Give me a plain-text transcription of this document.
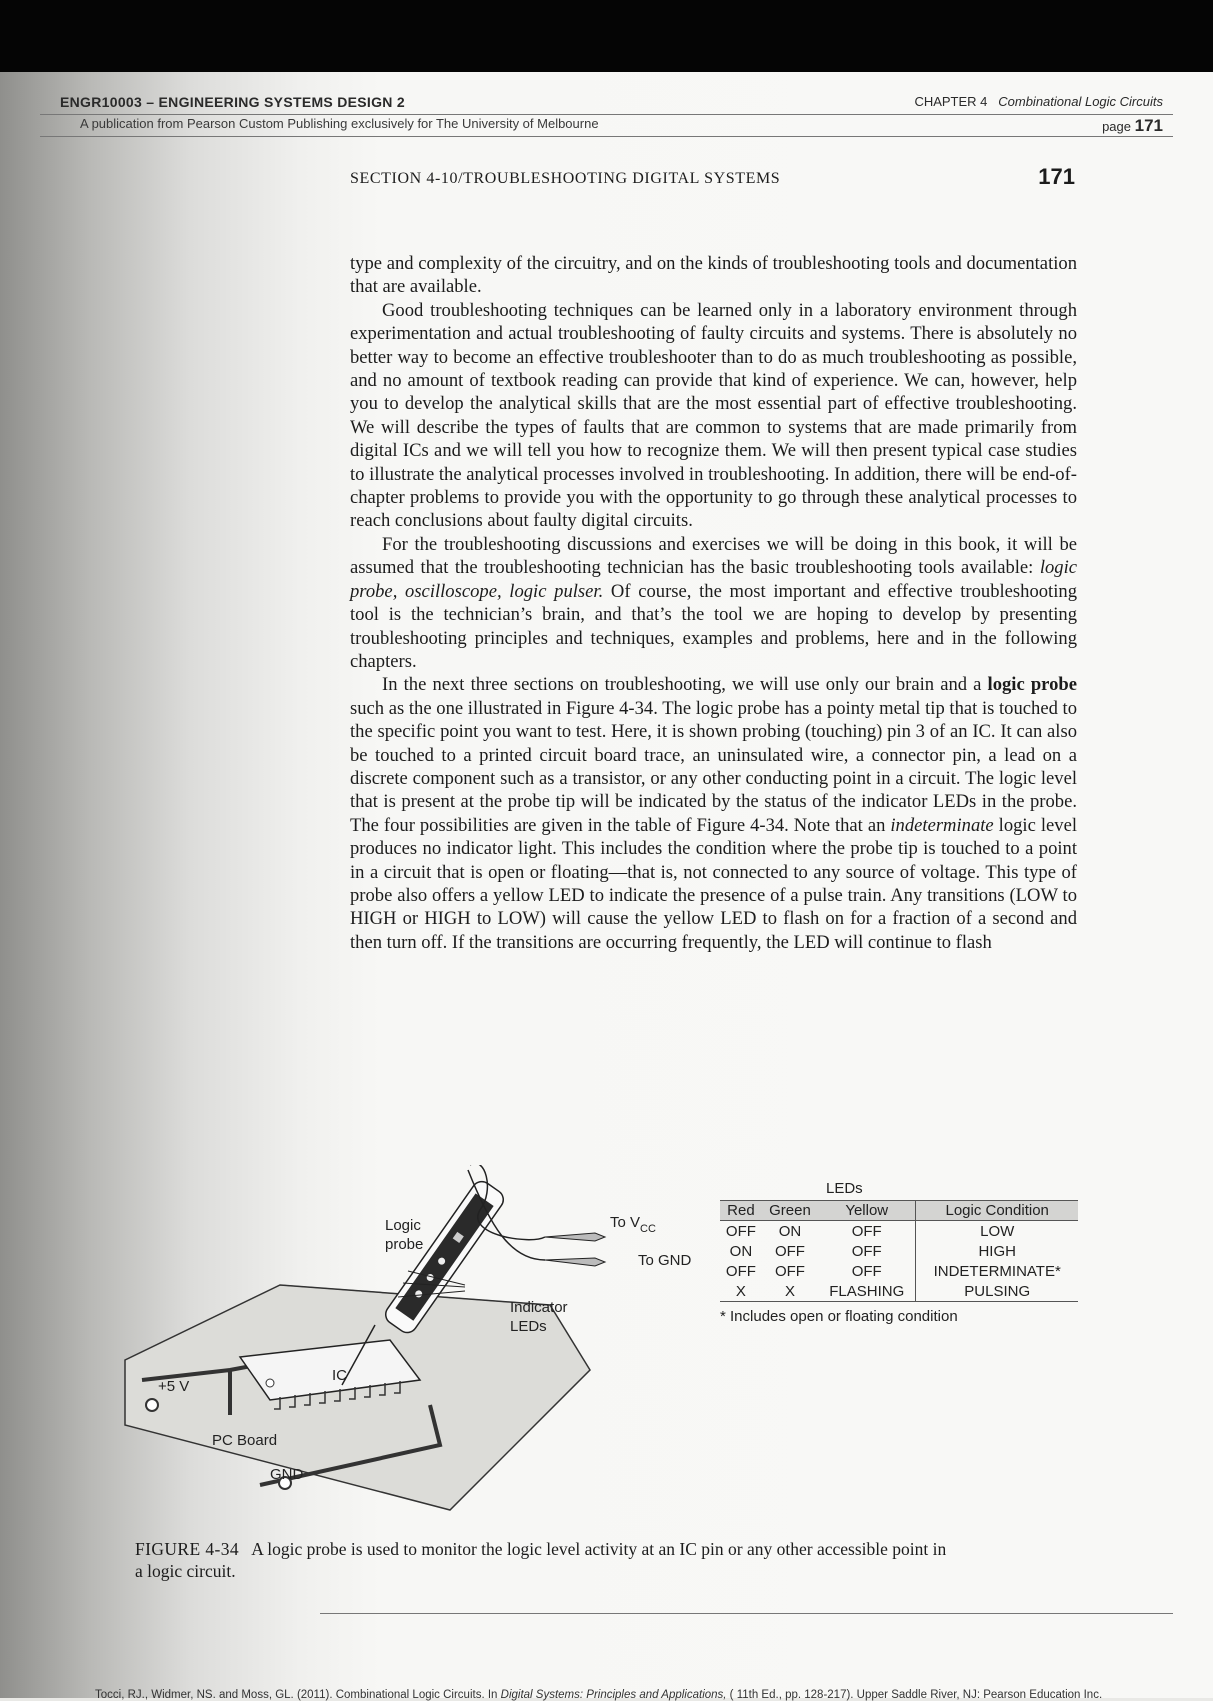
ENGR10003 – ENGINEERING SYSTEMS DESIGN 2	CHAPTER 4 Combinational Logic Circuits
A publication from Pearson Custom Publishing exclusively for The University of Melbourne	page 171
SECTION 4-10/TROUBLESHOOTING DIGITAL SYSTEMS	171

type and complexity of the circuitry, and on the kinds of troubleshooting tools and documentation that are available.

Good troubleshooting techniques can be learned only in a laboratory environment through experimentation and actual troubleshooting of faulty circuits and systems. There is absolutely no better way to become an effective troubleshooter than to do as much troubleshooting as possible, and no amount of textbook reading can provide that kind of experience. We can, however, help you to develop the analytical skills that are the most essential part of effective troubleshooting. We will describe the types of faults that are common to systems that are made primarily from digital ICs and we will tell you how to recognize them. We will then present typical case studies to illustrate the analytical processes involved in troubleshooting. In addition, there will be end-of-chapter problems to provide you with the opportunity to go through these analytical processes to reach conclusions about faulty digital circuits.

For the troubleshooting discussions and exercises we will be doing in this book, it will be assumed that the troubleshooting technician has the basic troubleshooting tools available: logic probe, oscilloscope, logic pulser. Of course, the most important and effective troubleshooting tool is the technician’s brain, and that’s the tool we are hoping to develop by presenting troubleshooting principles and techniques, examples and problems, here and in the following chapters.

In the next three sections on troubleshooting, we will use only our brain and a logic probe such as the one illustrated in Figure 4-34. The logic probe has a pointy metal tip that is touched to the specific point you want to test. Here, it is shown probing (touching) pin 3 of an IC. It can also be touched to a printed circuit board trace, an uninsulated wire, a connector pin, a lead on a discrete component such as a transistor, or any other conducting point in a circuit. The logic level that is present at the probe tip will be indicated by the status of the indicator LEDs in the probe. The four possibilities are given in the table of Figure 4-34. Note that an indeterminate logic level produces no indicator light. This includes the condition where the probe tip is touched to a point in a circuit that is open or floating—that is, not connected to any source of voltage. This type of probe also offers a yellow LED to indicate the presence of a pulse train. Any transitions (LOW to HIGH or HIGH to LOW) will cause the yellow LED to flash on for a fraction of a second and then turn off. If the transitions are occurring frequently, the LED will continue to flash

Logic
probe
To $V_{CC}$
To GND
Indicator
LEDs
IC
+5 V
PC Board
GND
LEDs
Red	Green	Yellow	Logic Condition
OFF	ON	OFF	LOW
ON	OFF	OFF	HIGH
OFF	OFF	OFF	INDETERMINATE*
X	X	FLASHING	PULSING
* Includes open or floating condition
FIGURE 4-34 A logic probe is used to monitor the logic level activity at an IC pin or any other accessible point in a logic circuit.
Tocci, RJ., Widmer, NS. and Moss, GL. (2011). Combinational Logic Circuits. In Digital Systems: Principles and Applications, ( 11th Ed., pp. 128-217). Upper Saddle River, NJ: Pearson Education Inc.
